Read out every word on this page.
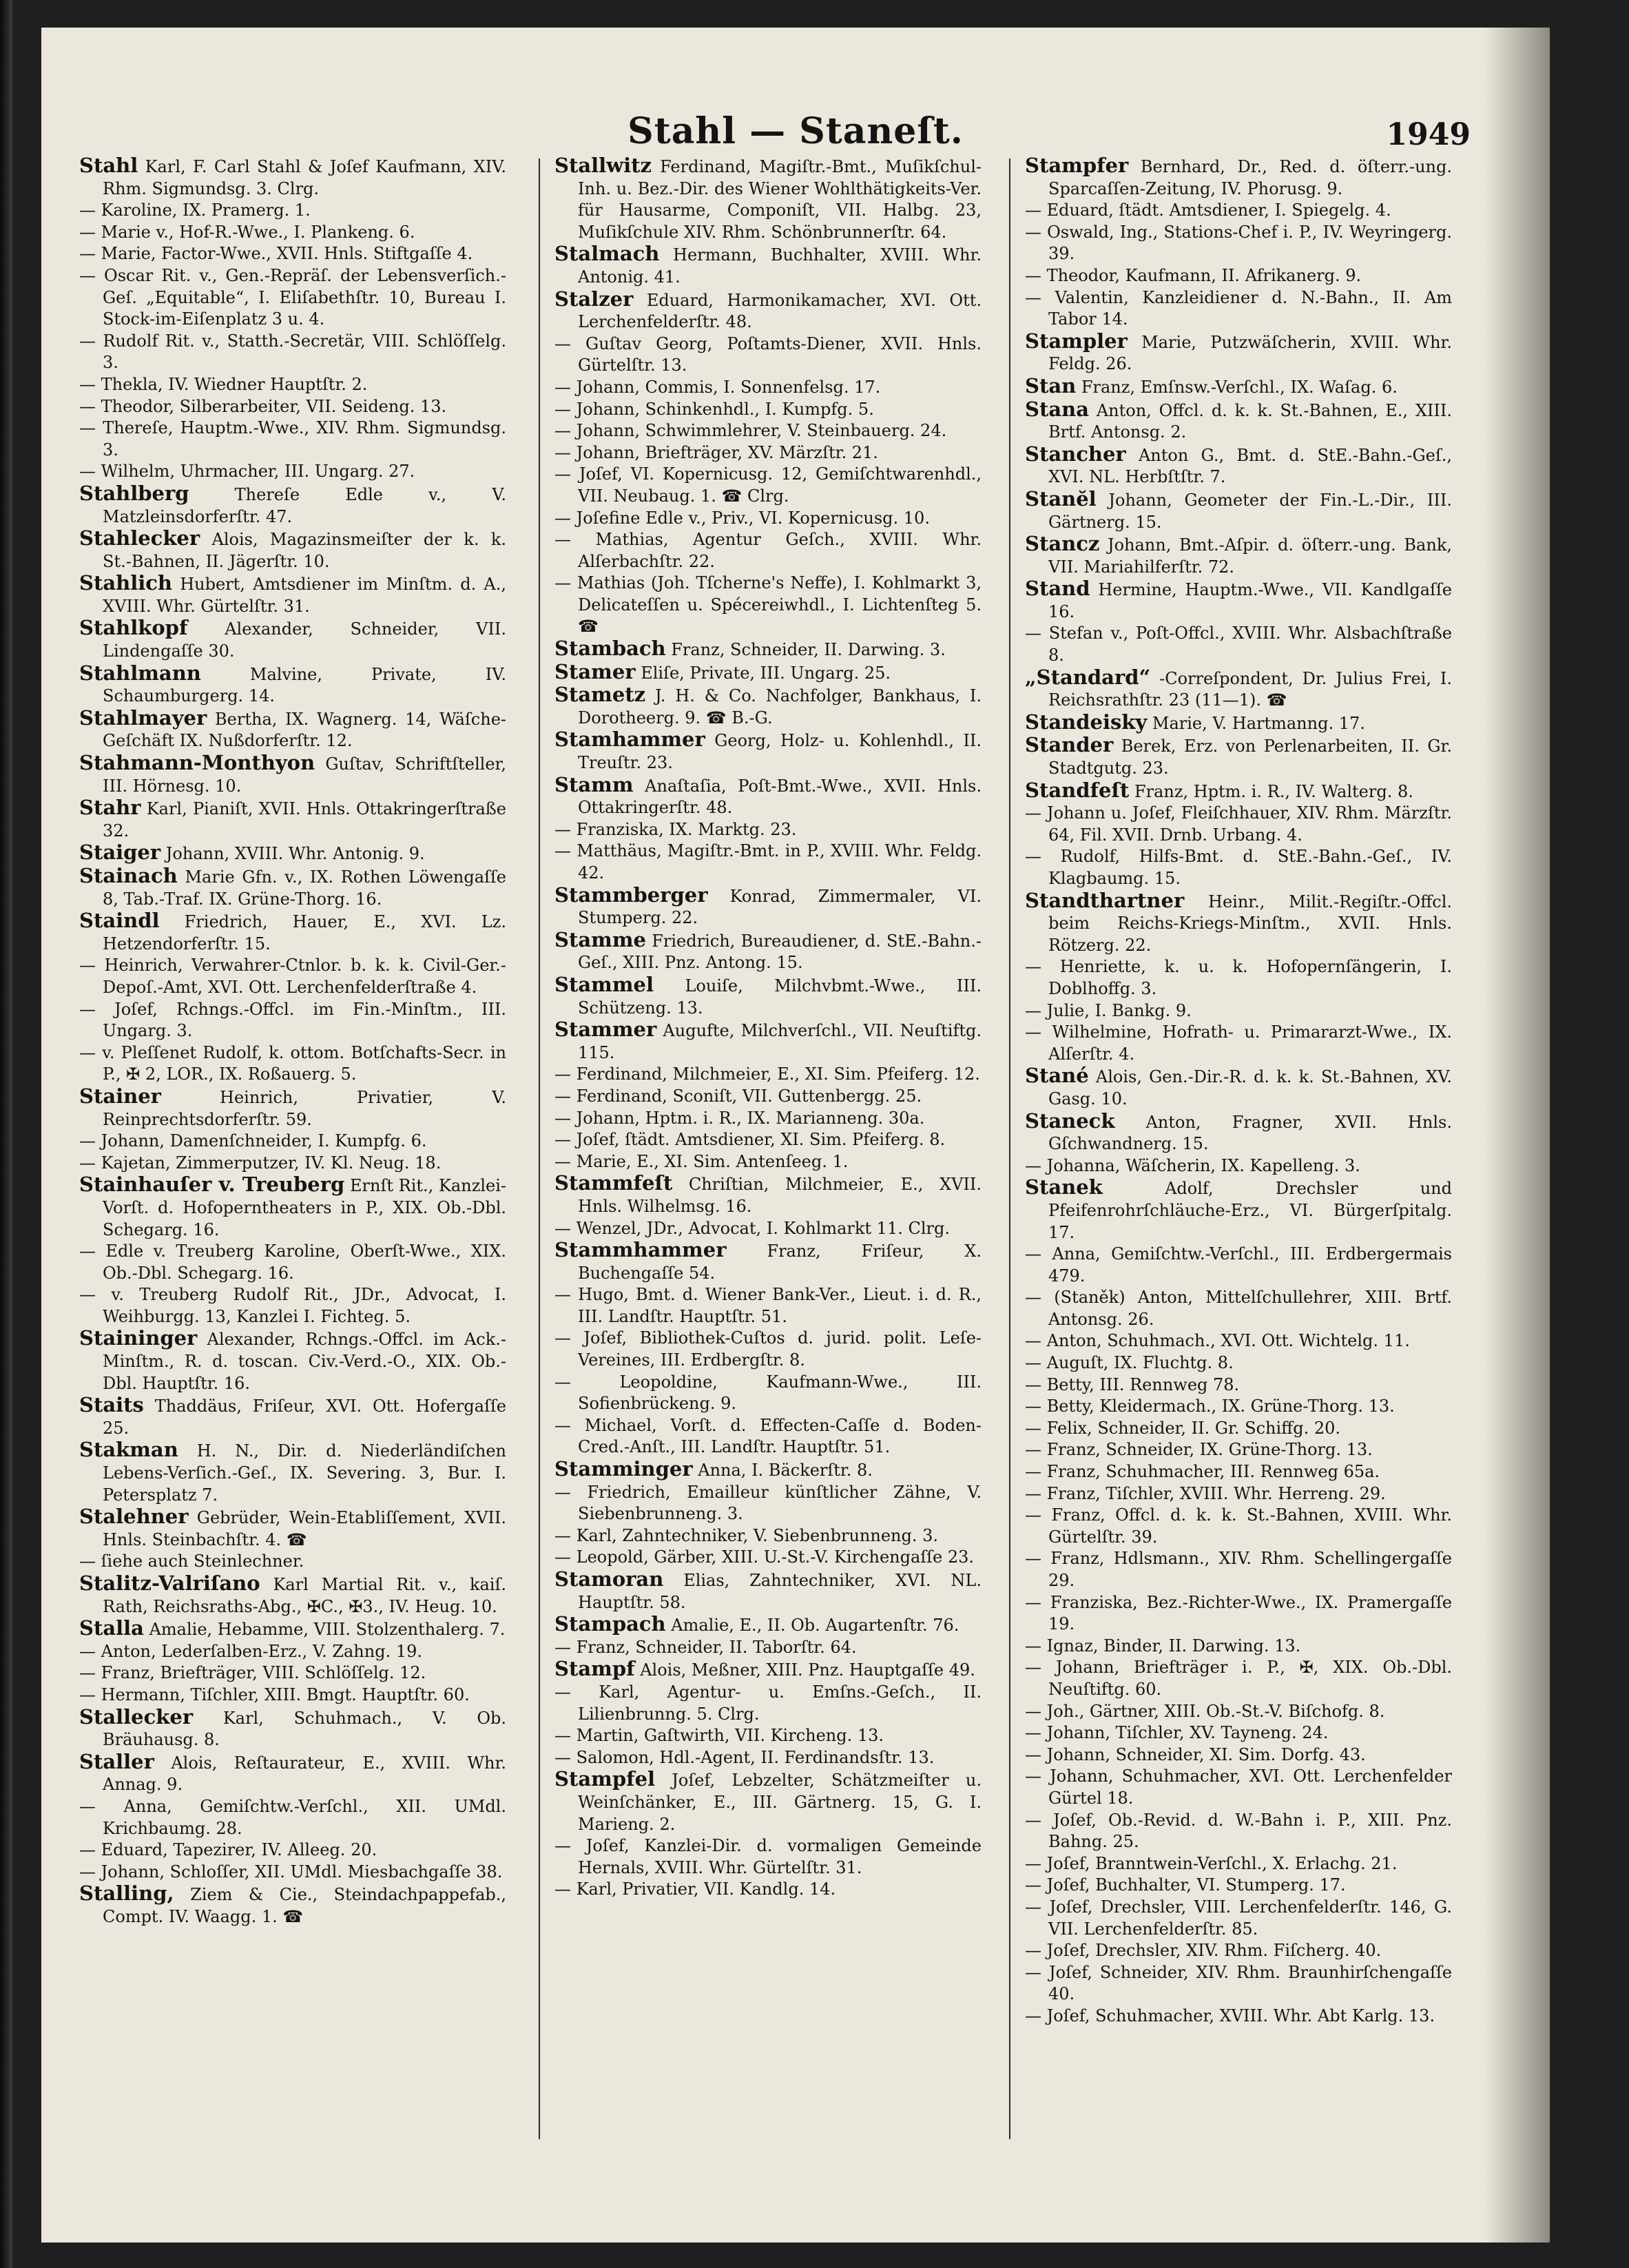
Stahl — Staneſt.	1949

Stahl Karl, F. Carl Stahl & Joſef Kaufmann, XIV. Rhm. Sigmundsg. 3. Clrg.

— Karoline, IX. Pramerg. 1.

— Marie v., Hof-R.-Wwe., I. Plankeng. 6.

— Marie, Factor-Wwe., XVII. Hnls. Stiftgaſſe 4.

— Oscar Rit. v., Gen.-Repräſ. der Lebensverſich.-Geſ. „Equitable“, I. Eliſabethſtr. 10, Bureau I. Stock-im-Eiſenplatz 3 u. 4.

— Rudolf Rit. v., Statth.-Secretär, VIII. Schlöſſelg. 3.

— Thekla, IV. Wiedner Hauptſtr. 2.

— Theodor, Silberarbeiter, VII. Seideng. 13.

— Thereſe, Hauptm.-Wwe., XIV. Rhm. Sigmundsg. 3.

— Wilhelm, Uhrmacher, III. Ungarg. 27.

Stahlberg	Thereſe Edle v., V. Matzleinsdorferſtr. 47.

Stahlecker Alois, Magazinsmeiſter der k. k. St.-Bahnen, II. Jägerſtr. 10.

Stahlich Hubert, Amtsdiener im Minſtm. d. A., XVIII. Whr. Gürtelſtr. 31.

Stahlkopf Alexander, Schneider, VII. Lindengaſſe 30.

Stahlmann	Malvine, Private, IV. Schaumburgerg. 14.

Stahlmayer Bertha, IX. Wagnerg. 14, Wäſche-Geſchäft IX. Nußdorferſtr. 12.

Stahmann-Monthyon Guſtav, Schriftſteller, III. Hörnesg. 10.

Stahr Karl, Pianiſt, XVII. Hnls. Ottakringerſtraße 32.

Staiger Johann, XVIII. Whr. Antonig. 9.

Stainach Marie Gfn. v., IX. Rothen Löwengaſſe 8, Tab.-Traf. IX. Grüne-Thorg. 16.

Staindl Friedrich, Hauer, E., XVI. Lz. Hetzendorferſtr. 15.

— Heinrich, Verwahrer-Ctnlor. b. k. k. Civil-Ger.-Depoſ.-Amt, XVI. Ott. Lerchenfelderſtraße 4.

— Joſef, Rchngs.-Offcl. im Fin.-Minſtm., III. Ungarg. 3.

— v. Pleſſenet Rudolf, k. ottom. Botſchafts-Secr. in P., ✠ 2, LOR., IX. Roßauerg. 5.

Stainer	Heinrich, Privatier, V. Reinprechtsdorferſtr. 59.

— Johann, Damenſchneider, I. Kumpfg. 6.

— Kajetan, Zimmerputzer, IV. Kl. Neug. 18.

Stainhauſer v. Treuberg Ernſt Rit., Kanzlei-Vorſt. d. Hofoperntheaters in P., XIX. Ob.-Dbl. Schegarg. 16.

— Edle v. Treuberg Karoline, Oberſt-Wwe., XIX. Ob.-Dbl. Schegarg. 16.

— v. Treuberg Rudolf Rit., JDr., Advocat, I. Weihburgg. 13, Kanzlei I. Fichteg. 5.

Staininger Alexander, Rchngs.-Offcl. im Ack.-Minſtm., R. d. toscan. Civ.-Verd.-O., XIX. Ob.-Dbl. Hauptſtr. 16.

Staits Thaddäus, Friſeur, XVI. Ott. Hofergaſſe 25.

Stakman H. N., Dir. d. Niederländiſchen Lebens-Verſich.-Geſ., IX. Severing. 3, Bur. I. Petersplatz 7.

Stalehner Gebrüder, Wein-Etabliſſement, XVII. Hnls. Steinbachſtr. 4. ☎

— ſiehe auch Steinlechner.

Stalitz-Valriſano Karl Martial Rit. v., kaiſ. Rath, Reichsraths-Abg., ✠C., ✠3., IV. Heug. 10.

Stalla Amalie, Hebamme, VIII. Stolzenthalerg. 7.

— Anton, Lederſalben-Erz., V. Zahng. 19.

— Franz, Briefträger, VIII. Schlöſſelg. 12.

— Hermann, Tiſchler, XIII. Bmgt. Hauptſtr. 60.

Stallecker Karl, Schuhmach., V. Ob. Bräuhausg. 8.

Staller Alois, Reſtaurateur, E., XVIII. Whr. Annag. 9.

— Anna, Gemiſchtw.-Verſchl., XII. UMdl. Krichbaumg. 28.

— Eduard, Tapezirer, IV. Alleeg. 20.

— Johann, Schloſſer, XII. UMdl. Miesbachgaſſe 38.

Stalling, Ziem & Cie., Steindachpappefab., Compt. IV. Waagg. 1. ☎

Stallwitz Ferdinand, Magiſtr.-Bmt., Muſikſchul-Inh. u. Bez.-Dir. des Wiener Wohlthätigkeits-Ver. für Hausarme, Componiſt, VII. Halbg. 23, Muſikſchule XIV. Rhm. Schönbrunnerſtr. 64.

Stalmach Hermann, Buchhalter, XVIII. Whr. Antonig. 41.

Stalzer Eduard, Harmonikamacher, XVI. Ott. Lerchenfelderſtr. 48.

— Guſtav Georg, Poſtamts-Diener, XVII. Hnls. Gürtelſtr. 13.

— Johann, Commis, I. Sonnenfelsg. 17.

— Johann, Schinkenhdl., I. Kumpfg. 5.

— Johann, Schwimmlehrer, V. Steinbauerg. 24.

— Johann, Briefträger, XV. Märzſtr. 21.

— Joſef, VI. Kopernicusg. 12, Gemiſchtwarenhdl., VII. Neubaug. 1. ☎ Clrg.

— Joſefine Edle v., Priv., VI. Kopernicusg. 10.

— Mathias, Agentur Geſch., XVIII. Whr. Alſerbachſtr. 22.

— Mathias (Joh. Tſcherne's Neffe), I. Kohlmarkt 3, Delicateſſen u. Spécereiwhdl., I. Lichtenſteg 5. ☎

Stambach Franz, Schneider, II. Darwing. 3.

Stamer Eliſe, Private, III. Ungarg. 25.

Stametz J. H. & Co. Nachfolger, Bankhaus, I. Dorotheerg. 9. ☎ B.-G.

Stamhammer Georg, Holz- u. Kohlenhdl., II. Treuſtr. 23.

Stamm Anaſtaſia, Poſt-Bmt.-Wwe., XVII. Hnls. Ottakringerſtr. 48.

— Franziska, IX. Marktg. 23.

— Matthäus, Magiſtr.-Bmt. in P., XVIII. Whr. Feldg. 42.

Stammberger Konrad, Zimmermaler, VI. Stumperg. 22.

Stamme Friedrich, Bureaudiener, d. StE.-Bahn.-Geſ., XIII. Pnz. Antong. 15.

Stammel Louiſe, Milchvbmt.-Wwe., III. Schützeng. 13.

Stammer Augufte, Milchverſchl., VII. Neuſtiftg. 115.

— Ferdinand, Milchmeier, E., XI. Sim. Pfeiferg. 12.

— Ferdinand, Sconiſt, VII. Guttenbergg. 25.

— Johann, Hptm. i. R., IX. Marianneng. 30a.

— Joſef, ſtädt. Amtsdiener, XI. Sim. Pfeiferg. 8.

— Marie, E., XI. Sim. Antenſeeg. 1.

Stammfeſt Chriſtian, Milchmeier, E., XVII. Hnls. Wilhelmsg. 16.

— Wenzel, JDr., Advocat, I. Kohlmarkt 11. Clrg.

Stammhammer Franz, Friſeur, X. Buchengaſſe 54.

— Hugo, Bmt. d. Wiener Bank-Ver., Lieut. i. d. R., III. Landſtr. Hauptſtr. 51.

— Joſef, Bibliothek-Cuſtos d. jurid. polit. Leſe-Vereines, III. Erdbergſtr. 8.

— Leopoldine, Kaufmann-Wwe., III. Sofienbrückeng. 9.

— Michael, Vorſt. d. Effecten-Caſſe d. Boden-Cred.-Anſt., III. Landſtr. Hauptſtr. 51.

Stamminger Anna, I. Bäckerſtr. 8.

— Friedrich, Emailleur künſtlicher Zähne, V. Siebenbrunneng. 3.

— Karl, Zahntechniker, V. Siebenbrunneng. 3.

— Leopold, Gärber, XIII. U.-St.-V. Kirchengaſſe 23.

Stamoran Elias, Zahntechniker, XVI. NL. Hauptſtr. 58.

Stampach Amalie, E., II. Ob. Augartenſtr. 76.

— Franz, Schneider, II. Taborſtr. 64.

Stampf Alois, Meßner, XIII. Pnz. Hauptgaſſe 49.

— Karl, Agentur- u. Emſns.-Geſch., II. Lilienbrunng. 5. Clrg.

— Martin, Gaſtwirth, VII. Kircheng. 13.

— Salomon, Hdl.-Agent, II. Ferdinandsſtr. 13.

Stampfel Joſef, Lebzelter, Schätzmeiſter u. Weinſchänker, E., III. Gärtnerg. 15, G. I. Marieng. 2.

— Joſef, Kanzlei-Dir. d. vormaligen Gemeinde Hernals, XVIII. Whr. Gürtelſtr. 31.

— Karl, Privatier, VII. Kandlg. 14.

Stampfer Bernhard, Dr., Red. d. öſterr.-ung. Sparcaſſen-Zeitung, IV. Phorusg. 9.

— Eduard, ſtädt. Amtsdiener, I. Spiegelg. 4.

— Oswald, Ing., Stations-Chef i. P., IV. Weyringerg. 39.

— Theodor, Kaufmann, II. Afrikanerg. 9.

— Valentin, Kanzleidiener d. N.-Bahn., II. Am Tabor 14.

Stampler Marie, Putzwäſcherin, XVIII. Whr. Feldg. 26.

Stan Franz, Emſnsw.-Verſchl., IX. Waſag. 6.

Stana Anton, Offcl. d. k. k. St.-Bahnen, E., XIII. Brtf. Antonsg. 2.

Stancher Anton G., Bmt. d. StE.-Bahn.-Geſ., XVI. NL. Herbſtſtr. 7.

Stanĕl Johann, Geometer der Fin.-L.-Dir., III. Gärtnerg. 15.

Stancz Johann, Bmt.-Aſpir. d. öſterr.-ung. Bank, VII. Mariahilferſtr. 72.

Stand Hermine, Hauptm.-Wwe., VII. Kandlgaſſe 16.

— Stefan v., Poſt-Offcl., XVIII. Whr. Alsbachſtraße 8.

„Standard“ -Correſpondent, Dr. Julius Frei, I. Reichsrathſtr. 23 (11—1). ☎

Standeisky Marie, V. Hartmanng. 17.

Stander Berek, Erz. von Perlenarbeiten, II. Gr. Stadtgutg. 23.

Standfeſt Franz, Hptm. i. R., IV. Walterg. 8.

— Johann u. Joſef, Fleiſchhauer, XIV. Rhm. Märzſtr. 64, Fil. XVII. Drnb. Urbang. 4.

— Rudolf, Hilfs-Bmt. d. StE.-Bahn.-Geſ., IV. Klagbaumg. 15.

Standthartner Heinr., Milit.-Regiſtr.-Offcl. beim Reichs-Kriegs-Minſtm., XVII. Hnls. Rötzerg. 22.

— Henriette, k. u. k. Hofopernſängerin, I. Doblhoffg. 3.

— Julie, I. Bankg. 9.

— Wilhelmine, Hofrath- u. Primararzt-Wwe., IX. Alſerſtr. 4.

Stané Alois, Gen.-Dir.-R. d. k. k. St.-Bahnen, XV. Gasg. 10.

Staneck Anton, Fragner, XVII. Hnls. Gſchwandnerg. 15.

— Johanna, Wäſcherin, IX. Kapelleng. 3.

Stanek	Adolf, Drechsler und Pfeifenrohrſchläuche-Erz., VI. Bürgerſpitalg. 17.

— Anna, Gemiſchtw.-Verſchl., III. Erdbergermais 479.

— (Staněk) Anton, Mittelſchullehrer, XIII. Brtf. Antonsg. 26.

— Anton, Schuhmach., XVI. Ott. Wichtelg. 11.

— Auguſt, IX. Fluchtg. 8.

— Betty, III. Rennweg 78.

— Betty, Kleidermach., IX. Grüne-Thorg. 13.

— Felix, Schneider, II. Gr. Schiffg. 20.

— Franz, Schneider, IX. Grüne-Thorg. 13.

— Franz, Schuhmacher, III. Rennweg 65a.

— Franz, Tiſchler, XVIII. Whr. Herreng. 29.

— Franz, Offcl. d. k. k. St.-Bahnen, XVIII. Whr. Gürtelſtr. 39.

— Franz, Hdlsmann., XIV. Rhm. Schellingergaſſe 29.

— Franziska, Bez.-Richter-Wwe., IX. Pramergaſſe 19.

— Ignaz, Binder, II. Darwing. 13.

— Johann, Briefträger i. P., ✠, XIX. Ob.-Dbl. Neuſtiftg. 60.

— Joh., Gärtner, XIII. Ob.-St.-V. Biſchofg. 8.

— Johann, Tiſchler, XV. Tayneng. 24.

— Johann, Schneider, XI. Sim. Dorfg. 43.

— Johann, Schuhmacher, XVI. Ott. Lerchenfelder Gürtel 18.

— Joſef, Ob.-Revid. d. W.-Bahn i. P., XIII. Pnz. Bahng. 25.

— Joſef, Branntwein-Verſchl., X. Erlachg. 21.

— Joſef, Buchhalter, VI. Stumperg. 17.

— Joſef, Drechsler, VIII. Lerchenfelderſtr. 146, G. VII. Lerchenfelderſtr. 85.

— Joſef, Drechsler, XIV. Rhm. Fiſcherg. 40.

— Joſef, Schneider, XIV. Rhm. Braunhirſchengaſſe 40.

— Joſef, Schuhmacher, XVIII. Whr. Abt Karlg. 13.
